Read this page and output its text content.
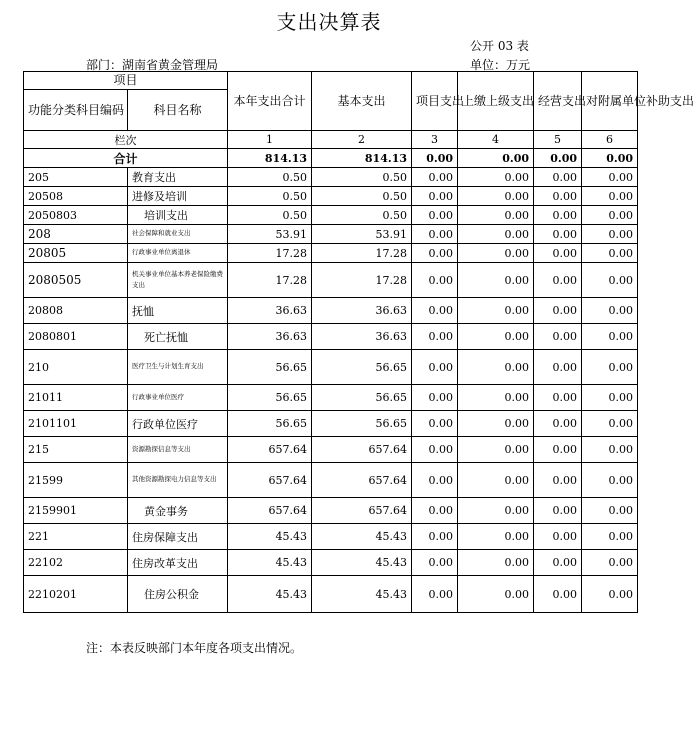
支出决算表
公开 03 表
部门：湖南省黄金管理局	单位：万元
项目		本年支出合计	基本支出	项目支出	上缴上级支出	经营支出	对附属单位补助支出
功能分类科目编码	科目名称						
栏次		1	2	3	4	5	6
合计		814.13	814.13	0.00	0.00	0.00	0.00
205	教育支出	0.50	0.50	0.00	0.00	0.00	0.00
20508	进修及培训	0.50	0.50	0.00	0.00	0.00	0.00
2050803	培训支出	0.50	0.50	0.00	0.00	0.00	0.00
208	社会保障和就业支出	53.91	53.91	0.00	0.00	0.00	0.00
20805	行政事业单位离退休	17.28	17.28	0.00	0.00	0.00	0.00
2080505	机关事业单位基本养老保险缴费支出	17.28	17.28	0.00	0.00	0.00	0.00
20808	抚恤	36.63	36.63	0.00	0.00	0.00	0.00
2080801	死亡抚恤	36.63	36.63	0.00	0.00	0.00	0.00
210	医疗卫生与计划生育支出	56.65	56.65	0.00	0.00	0.00	0.00
21011	行政事业单位医疗	56.65	56.65	0.00	0.00	0.00	0.00
2101101	行政单位医疗	56.65	56.65	0.00	0.00	0.00	0.00
215	资源勘探信息等支出	657.64	657.64	0.00	0.00	0.00	0.00
21599	其他资源勘探电力信息等支出	657.64	657.64	0.00	0.00	0.00	0.00
2159901	黄金事务	657.64	657.64	0.00	0.00	0.00	0.00
221	住房保障支出	45.43	45.43	0.00	0.00	0.00	0.00
22102	住房改革支出	45.43	45.43	0.00	0.00	0.00	0.00
2210201	住房公积金	45.43	45.43	0.00	0.00	0.00	0.00
注：本表反映部门本年度各项支出情况。
